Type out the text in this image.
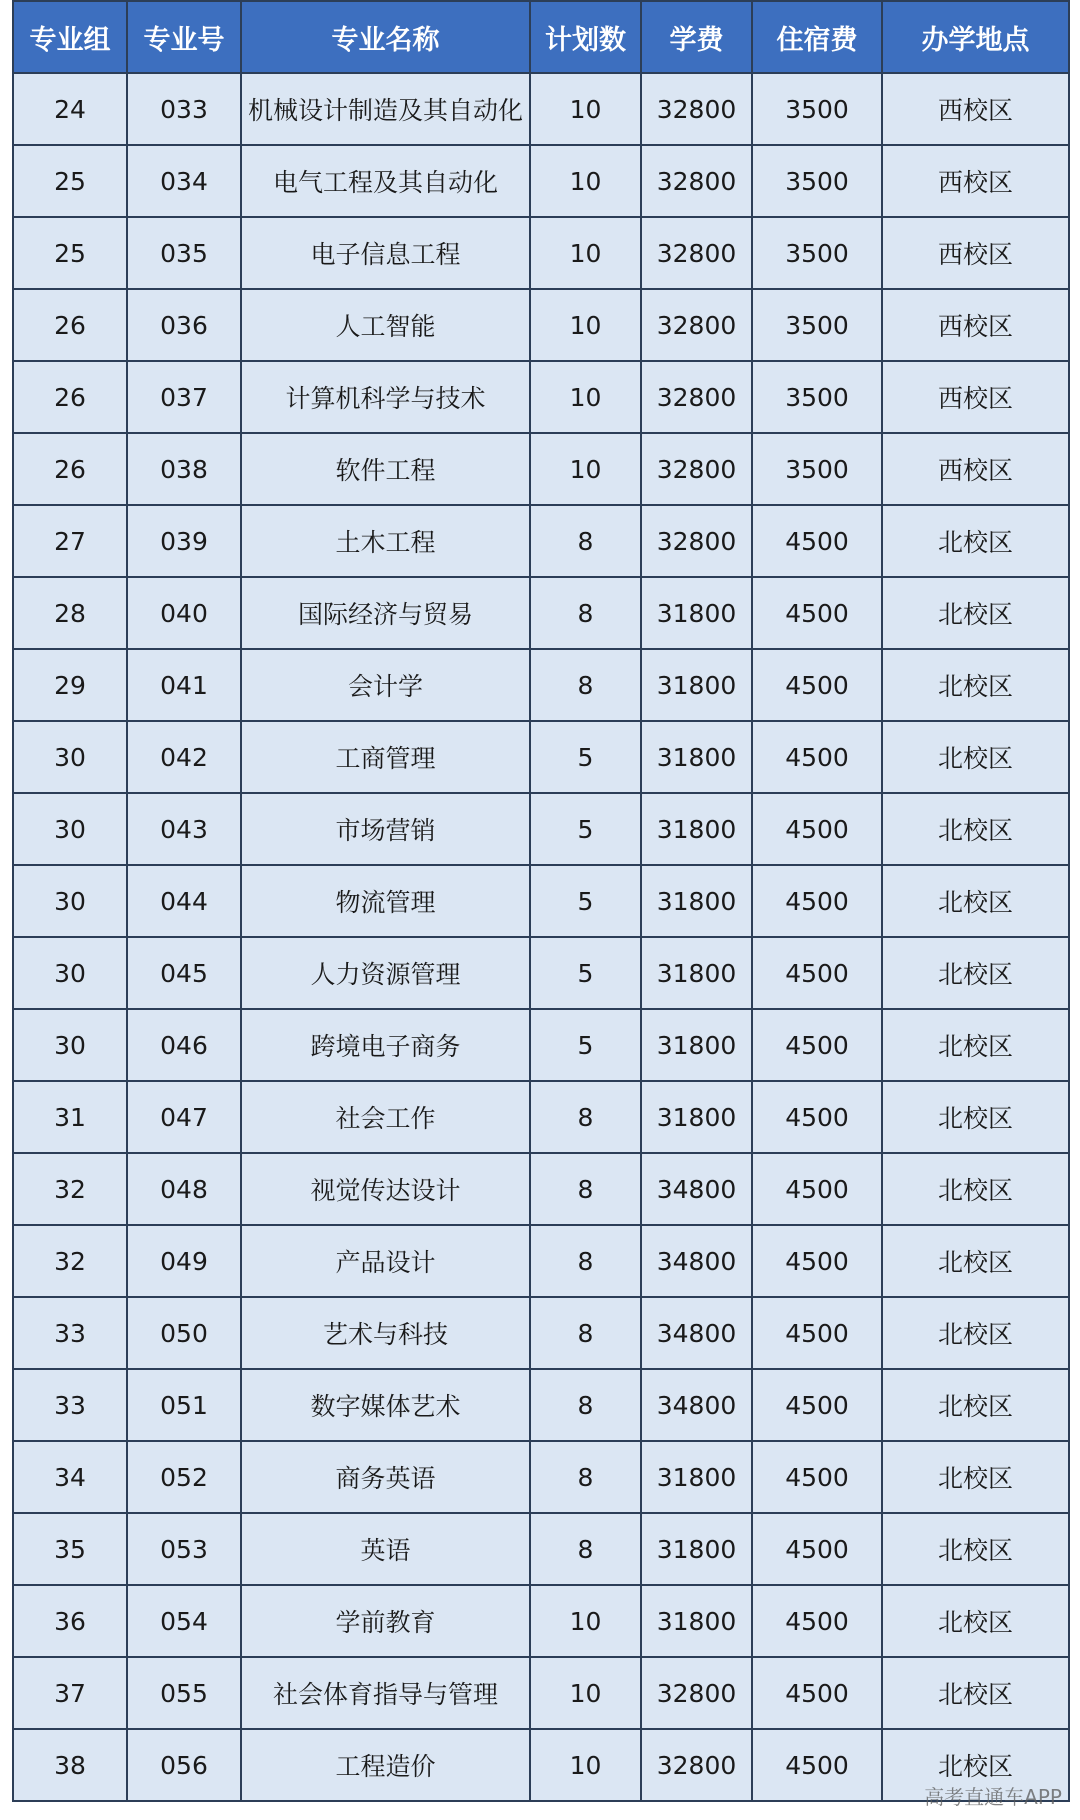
专业组	专业号	专业名称	计划数	学费	住宿费	办学地点
24	033	机械设计制造及其自动化	10	32800	3500	西校区
25	034	电气工程及其自动化	10	32800	3500	西校区
25	035	电子信息工程	10	32800	3500	西校区
26	036	人工智能	10	32800	3500	西校区
26	037	计算机科学与技术	10	32800	3500	西校区
26	038	软件工程	10	32800	3500	西校区
27	039	土木工程	8	32800	4500	北校区
28	040	国际经济与贸易	8	31800	4500	北校区
29	041	会计学	8	31800	4500	北校区
30	042	工商管理	5	31800	4500	北校区
30	043	市场营销	5	31800	4500	北校区
30	044	物流管理	5	31800	4500	北校区
30	045	人力资源管理	5	31800	4500	北校区
30	046	跨境电子商务	5	31800	4500	北校区
31	047	社会工作	8	31800	4500	北校区
32	048	视觉传达设计	8	34800	4500	北校区
32	049	产品设计	8	34800	4500	北校区
33	050	艺术与科技	8	34800	4500	北校区
33	051	数字媒体艺术	8	34800	4500	北校区
34	052	商务英语	8	31800	4500	北校区
35	053	英语	8	31800	4500	北校区
36	054	学前教育	10	31800	4500	北校区
37	055	社会体育指导与管理	10	32800	4500	北校区
38	056	工程造价	10	32800	4500	北校区
高考直通车APP
